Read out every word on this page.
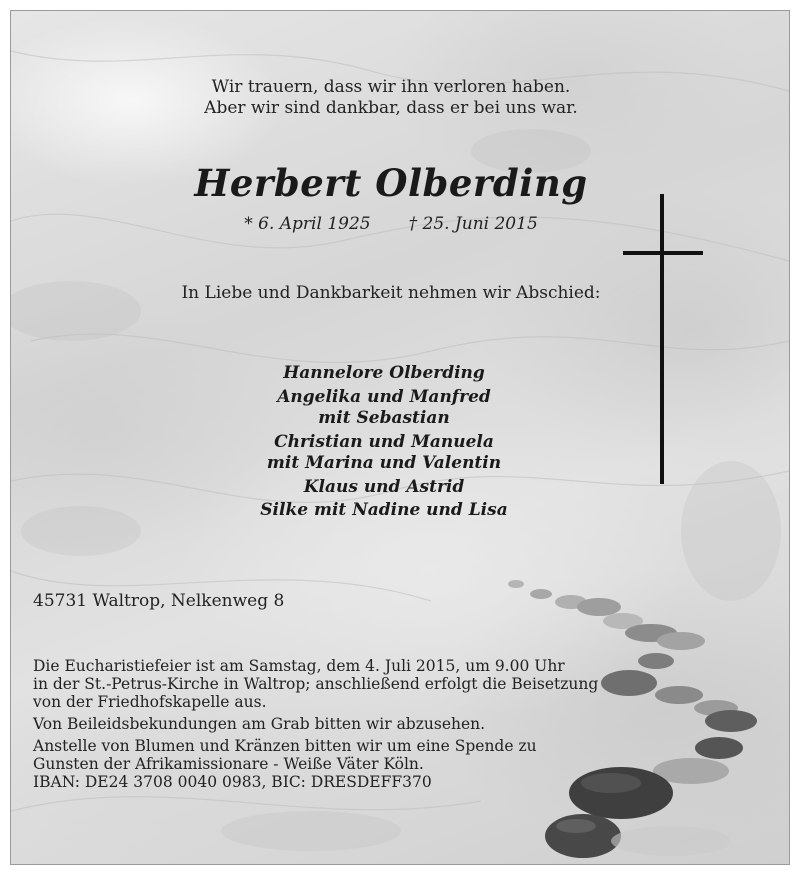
Wir trauern, dass wir ihn verloren haben.
Aber wir sind dankbar, dass er bei uns war.
Herbert Olberding
* 6. April 1925 † 25. Juni 2015
In Liebe und Dankbarkeit nehmen wir Abschied:
Hannelore Olberding
Angelika und Manfred
mit Sebastian
Christian und Manuela
mit Marina und Valentin
Klaus und Astrid
Silke mit Nadine und Lisa
45731 Waltrop, Nelkenweg 8
Die Eucharistiefeier ist am Samstag, dem 4. Juli 2015, um 9.00 Uhr
in der St.-Petrus-Kirche in Waltrop; anschließend erfolgt die Beisetzung
von der Friedhofskapelle aus.
Von Beileidsbekundungen am Grab bitten wir abzusehen.
Anstelle von Blumen und Kränzen bitten wir um eine Spende zu
Gunsten der Afrikamissionare - Weiße Väter Köln.
IBAN: DE24 3708 0040 0983, BIC: DRESDEFF370
